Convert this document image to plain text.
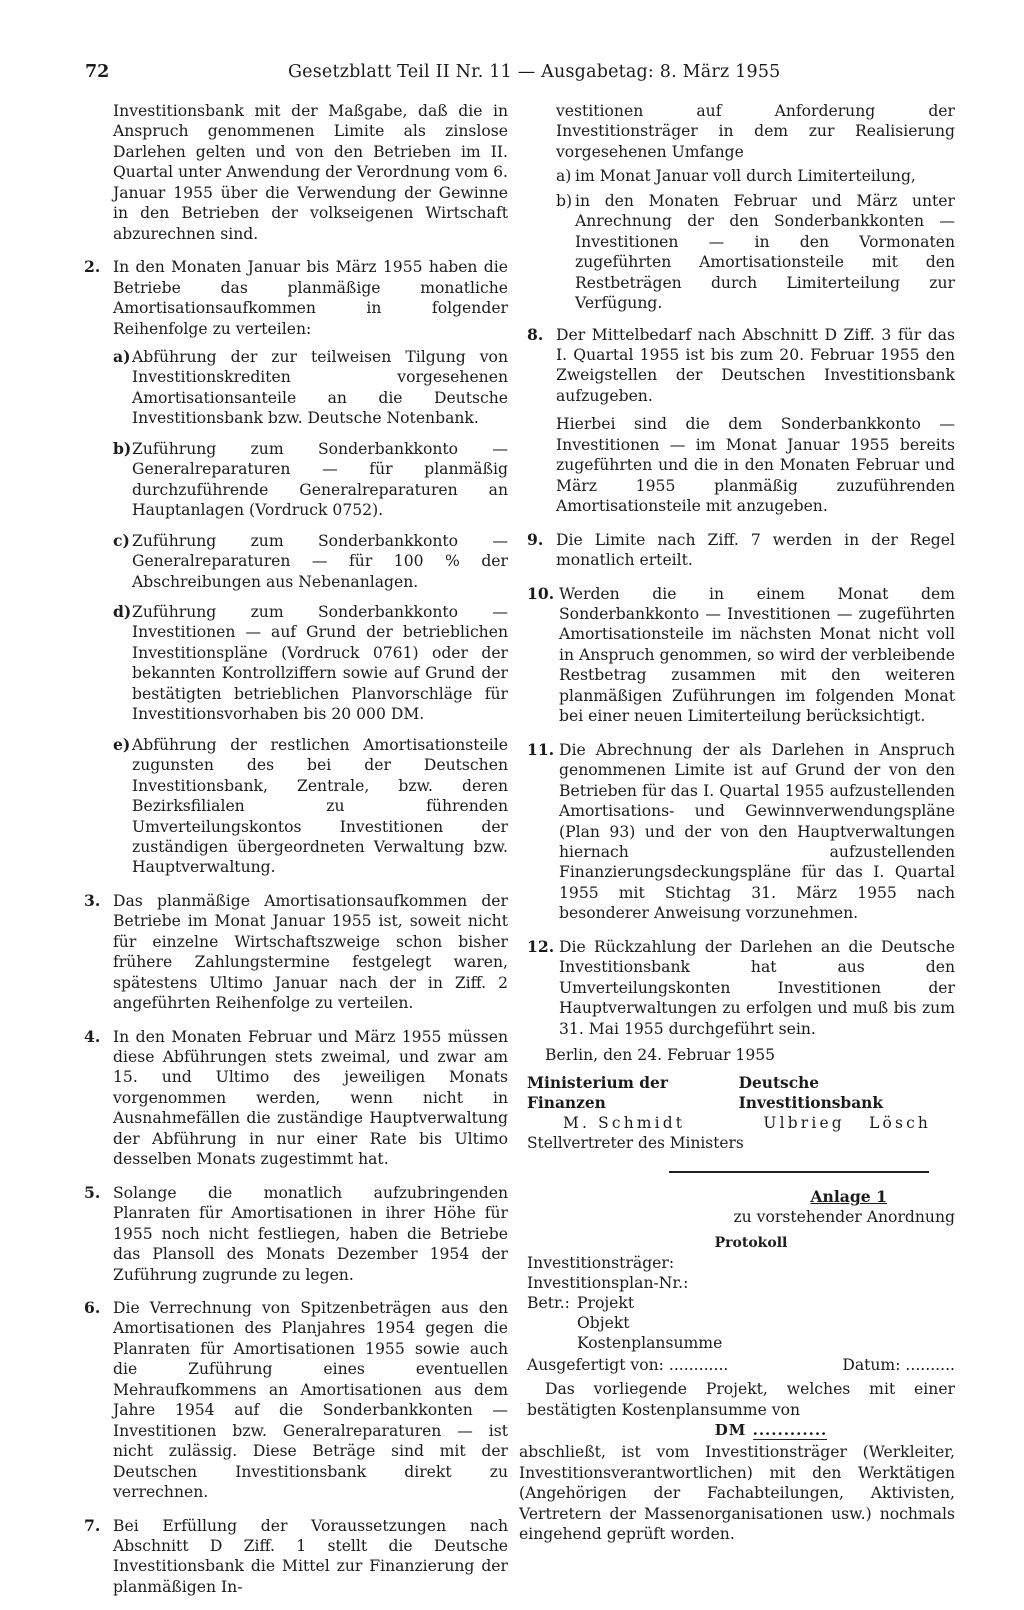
72	Gesetzblatt Teil II Nr. 11 — Ausgabetag: 8. März 1955

Investitionsbank mit der Maßgabe, daß die in Anspruch genommenen Limite als zinslose Darlehen gelten und von den Betrieben im II. Quartal unter Anwendung der Verordnung vom 6. Januar 1955 über die Verwendung der Gewinne in den Betrieben der volkseigenen Wirtschaft abzurechnen sind.

2. In den Monaten Januar bis März 1955 haben die Betriebe das planmäßige monatliche Amortisationsaufkommen in folgender Reihenfolge zu verteilen:

a) Abführung der zur teilweisen Tilgung von Investitionskrediten vorgesehenen Amortisationsanteile an die Deutsche Investitionsbank bzw. Deutsche Notenbank.

b) Zuführung zum Sonderbankkonto — Generalreparaturen — für planmäßig durchzuführende Generalreparaturen an Hauptanlagen (Vordruck 0752).

c) Zuführung zum Sonderbankkonto — Generalreparaturen — für 100 % der Abschreibungen aus Nebenanlagen.

d) Zuführung zum Sonderbankkonto — Investitionen — auf Grund der betrieblichen Investitionspläne (Vordruck 0761) oder der bekannten Kontrollziffern sowie auf Grund der bestätigten betrieblichen Planvorschläge für Investitionsvorhaben bis 20 000 DM.

e) Abführung der restlichen Amortisationsteile zugunsten des bei der Deutschen Investitionsbank, Zentrale, bzw. deren Bezirksfilialen zu führenden Umverteilungskontos Investitionen der zuständigen übergeordneten Verwaltung bzw. Hauptverwaltung.

3. Das planmäßige Amortisationsaufkommen der Betriebe im Monat Januar 1955 ist, soweit nicht für einzelne Wirtschaftszweige schon bisher frühere Zahlungstermine festgelegt waren, spätestens Ultimo Januar nach der in Ziff. 2 angeführten Reihenfolge zu verteilen.

4. In den Monaten Februar und März 1955 müssen diese Abführungen stets zweimal, und zwar am 15. und Ultimo des jeweiligen Monats vorgenommen werden, wenn nicht in Ausnahmefällen die zuständige Hauptverwaltung der Abführung in nur einer Rate bis Ultimo desselben Monats zugestimmt hat.

5. Solange die monatlich aufzubringenden Planraten für Amortisationen in ihrer Höhe für 1955 noch nicht festliegen, haben die Betriebe das Plansoll des Monats Dezember 1954 der Zuführung zugrunde zu legen.

6. Die Verrechnung von Spitzenbeträgen aus den Amortisationen des Planjahres 1954 gegen die Planraten für Amortisationen 1955 sowie auch die Zuführung eines eventuellen Mehraufkommens an Amortisationen aus dem Jahre 1954 auf die Sonderbankkonten — Investitionen bzw. Generalreparaturen — ist nicht zulässig. Diese Beträge sind mit der Deutschen Investitionsbank direkt zu verrechnen.

7. Bei Erfüllung der Voraussetzungen nach Abschnitt D Ziff. 1 stellt die Deutsche Investitionsbank die Mittel zur Finanzierung der planmäßigen In-

vestitionen auf Anforderung der Investitionsträger in dem zur Realisierung vorgesehenen Umfange

a) im Monat Januar voll durch Limiterteilung,

b) in den Monaten Februar und März unter Anrechnung der den Sonderbankkonten — Investitionen — in den Vormonaten zugeführten Amortisationsteile mit den Restbeträgen durch Limiterteilung zur Verfügung.

8. Der Mittelbedarf nach Abschnitt D Ziff. 3 für das I. Quartal 1955 ist bis zum 20. Februar 1955 den Zweigstellen der Deutschen Investitionsbank aufzugeben.

Hierbei sind die dem Sonderbankkonto — Investitionen — im Monat Januar 1955 bereits zugeführten und die in den Monaten Februar und März 1955 planmäßig zuzuführenden Amortisationsteile mit anzugeben.

9. Die Limite nach Ziff. 7 werden in der Regel monatlich erteilt.

10. Werden die in einem Monat dem Sonderbankkonto — Investitionen — zugeführten Amortisationsteile im nächsten Monat nicht voll in Anspruch genommen, so wird der verbleibende Restbetrag zusammen mit den weiteren planmäßigen Zuführungen im folgenden Monat bei einer neuen Limiterteilung berücksichtigt.

11. Die Abrechnung der als Darlehen in Anspruch genommenen Limite ist auf Grund der von den Betrieben für das I. Quartal 1955 aufzustellenden Amortisations- und Gewinnverwendungspläne (Plan 93) und der von den Hauptverwaltungen hiernach aufzustellenden Finanzierungsdeckungspläne für das I. Quartal 1955 mit Stichtag 31. März 1955 nach besonderer Anweisung vorzunehmen.

12. Die Rückzahlung der Darlehen an die Deutsche Investitionsbank hat aus den Umverteilungskonten Investitionen der Hauptverwaltungen zu erfolgen und muß bis zum 31. Mai 1955 durchgeführt sein.

Berlin, den 24. Februar 1955

Ministerium der Finanzen
Deutsche Investitionsbank
M. Schmidt	Ulbrieg   Lösch
Stellvertreter des Ministers
Anlage 1
zu vorstehender Anordnung
Protokoll
Investitionsträger:
Investitionsplan-Nr.:
Betr.: Projekt
Objekt
Kostenplansumme
Ausgefertigt von: ............	Datum: ..........

Das vorliegende Projekt, welches mit einer bestätigten Kostenplansumme von

DM ............

abschließt, ist vom Investitionsträger (Werkleiter, Investitionsverantwortlichen) mit den Werktätigen (Angehörigen der Fachabteilungen, Aktivisten, Vertretern der Massenorganisationen usw.) nochmals eingehend geprüft worden.
